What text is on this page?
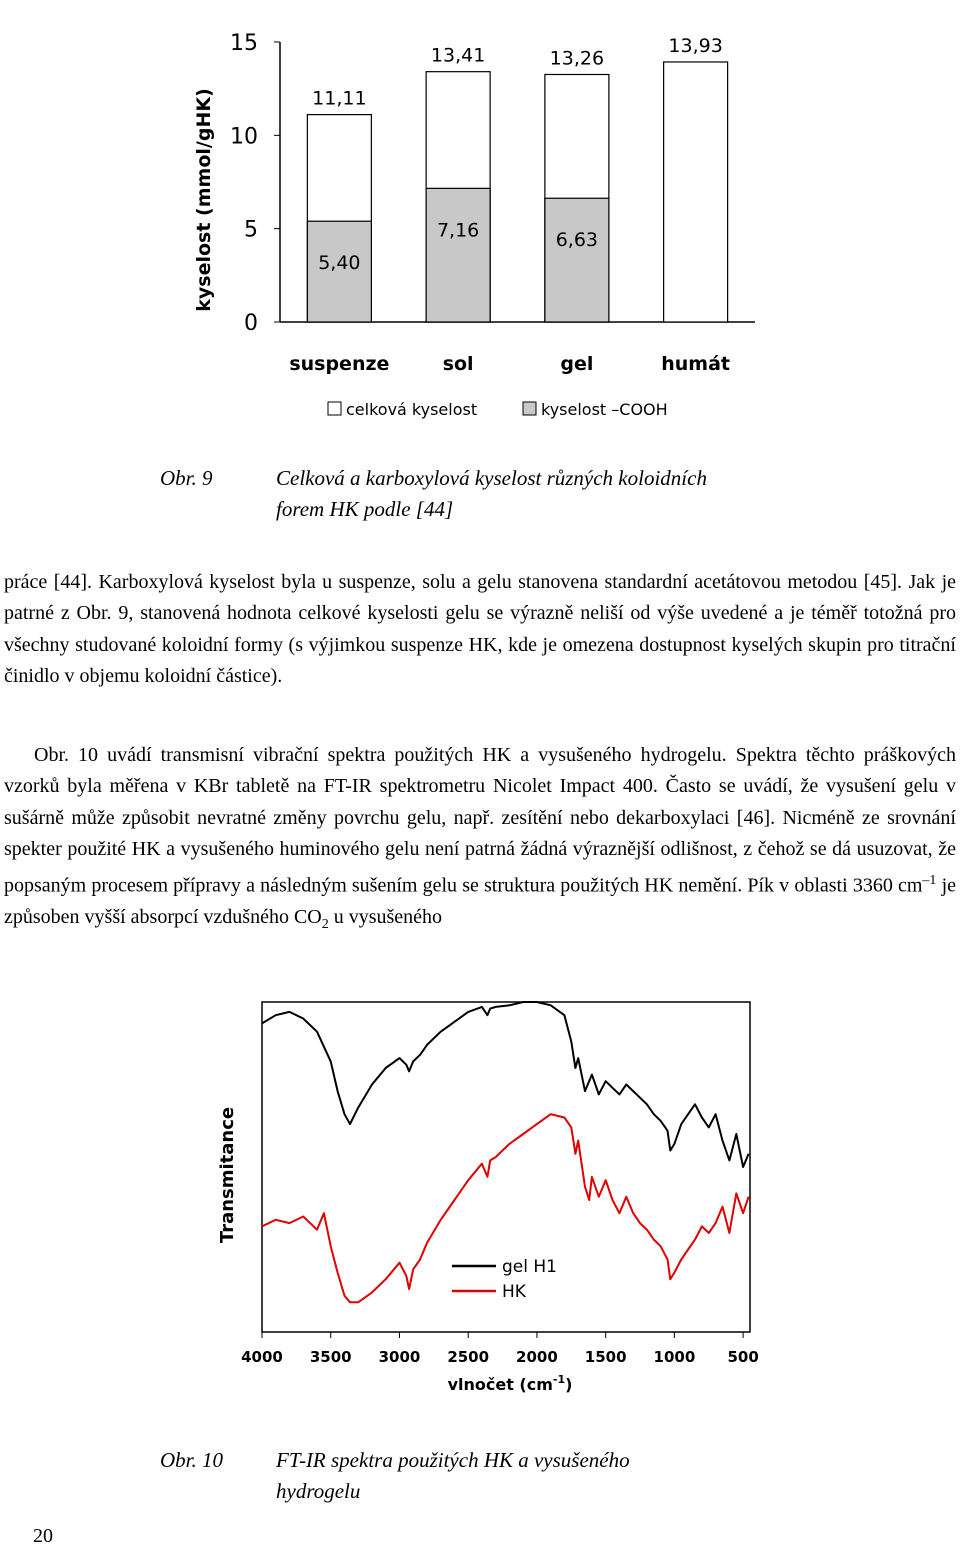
0
5
10
15
5,40
11,11
suspenze
7,16
13,41
sol
6,63
13,26
gel
13,93
humát
kyselost (mmol/gHK)
celková kyselost	kyselost –COOH
Obr. 9	Celková a karboxylová kyselost různých koloidních
forem HK podle [44]

práce [44]. Karboxylová kyselost byla u suspenze, solu a gelu stanovena standardní acetátovou metodou [45]. Jak je patrné z Obr. 9, stanovená hodnota celkové kyselosti gelu se výrazně neliší od výše uvedené a je téměř totožná pro všechny studované koloidní formy (s výjimkou suspenze HK, kde je omezena dostupnost kyselých skupin pro titrační činidlo v objemu koloidní částice).

Obr. 10 uvádí transmisní vibrační spektra použitých HK a vysušeného hydrogelu. Spektra těchto práškových vzorků byla měřena v KBr tabletě na FT-IR spektrometru Nicolet Impact 400. Často se uvádí, že vysušení gelu v sušárně může způsobit nevratné změny povrchu gelu, např. zesítění nebo dekarboxylaci [46]. Nicméně ze srovnání spekter použité HK a vysušeného huminového gelu není patrná žádná výraznější odlišnost, z čehož se dá usuzovat, že popsaným procesem přípravy a následným sušením gelu se struktura použitých HK nemění. Pík v oblasti 3360 $cm^{-1}$ je způsoben vyšší absorpcí vzdušného $CO_2$ u vysušeného

4000 3500 3000 2500 2000 1500 1000 500
Transmitance
vlnočet $(cm^{-1})$
gel H1
HK
Obr. 10	FT-IR spektra použitých HK a vysušeného
hydrogelu
20
